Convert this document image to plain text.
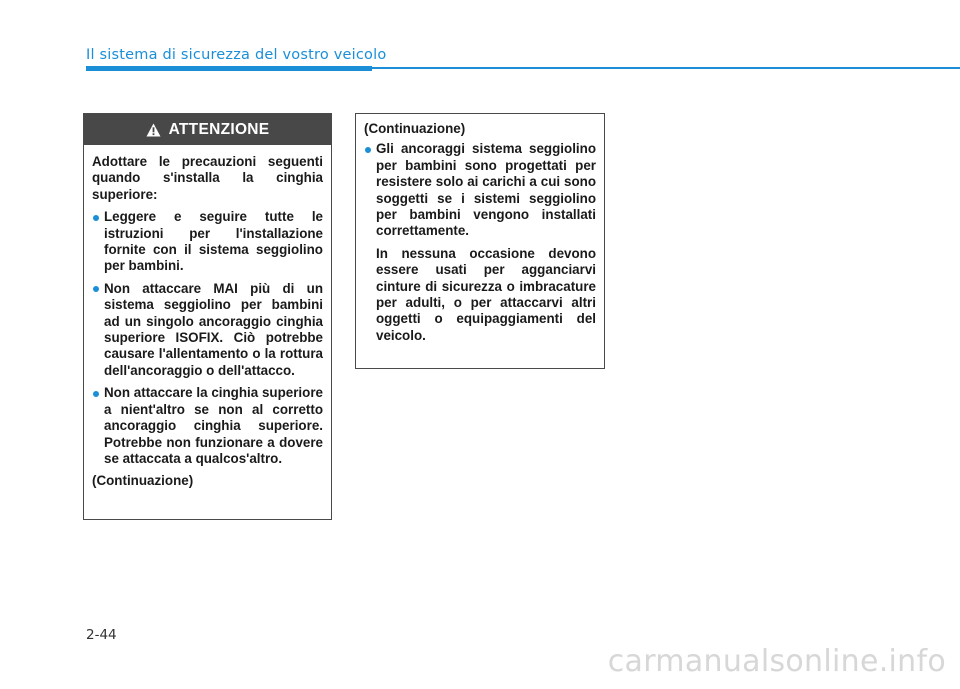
Il sistema di sicurezza del vostro veicolo
ATTENZIONE

Adottare le precauzioni seguenti quando s'installa la cinghia superiore:

Leggere e seguire tutte le istruzioni per l'installazione fornite con il sistema seggiolino per bambini.

Non attaccare MAI più di un sistema seggiolino per bambini ad un singolo ancoraggio cinghia superiore ISOFIX. Ciò potrebbe causare l'allentamento o la rottura dell'ancoraggio o dell'attacco.

Non attaccare la cinghia superiore a nient'altro se non al corretto ancoraggio cinghia superiore. Potrebbe non funzionare a dovere se attaccata a qualcos'altro.

(Continuazione)

(Continuazione)

Gli ancoraggi sistema seggiolino per bambini sono progettati per resistere solo ai carichi a cui sono soggetti se i sistemi seggiolino per bambini vengono installati correttamente.

In nessuna occasione devono essere usati per agganciarvi cinture di sicurezza o imbracature per adulti, o per attaccarvi altri oggetti o equipaggiamenti del veicolo.

2-44
carmanualsonline.info
